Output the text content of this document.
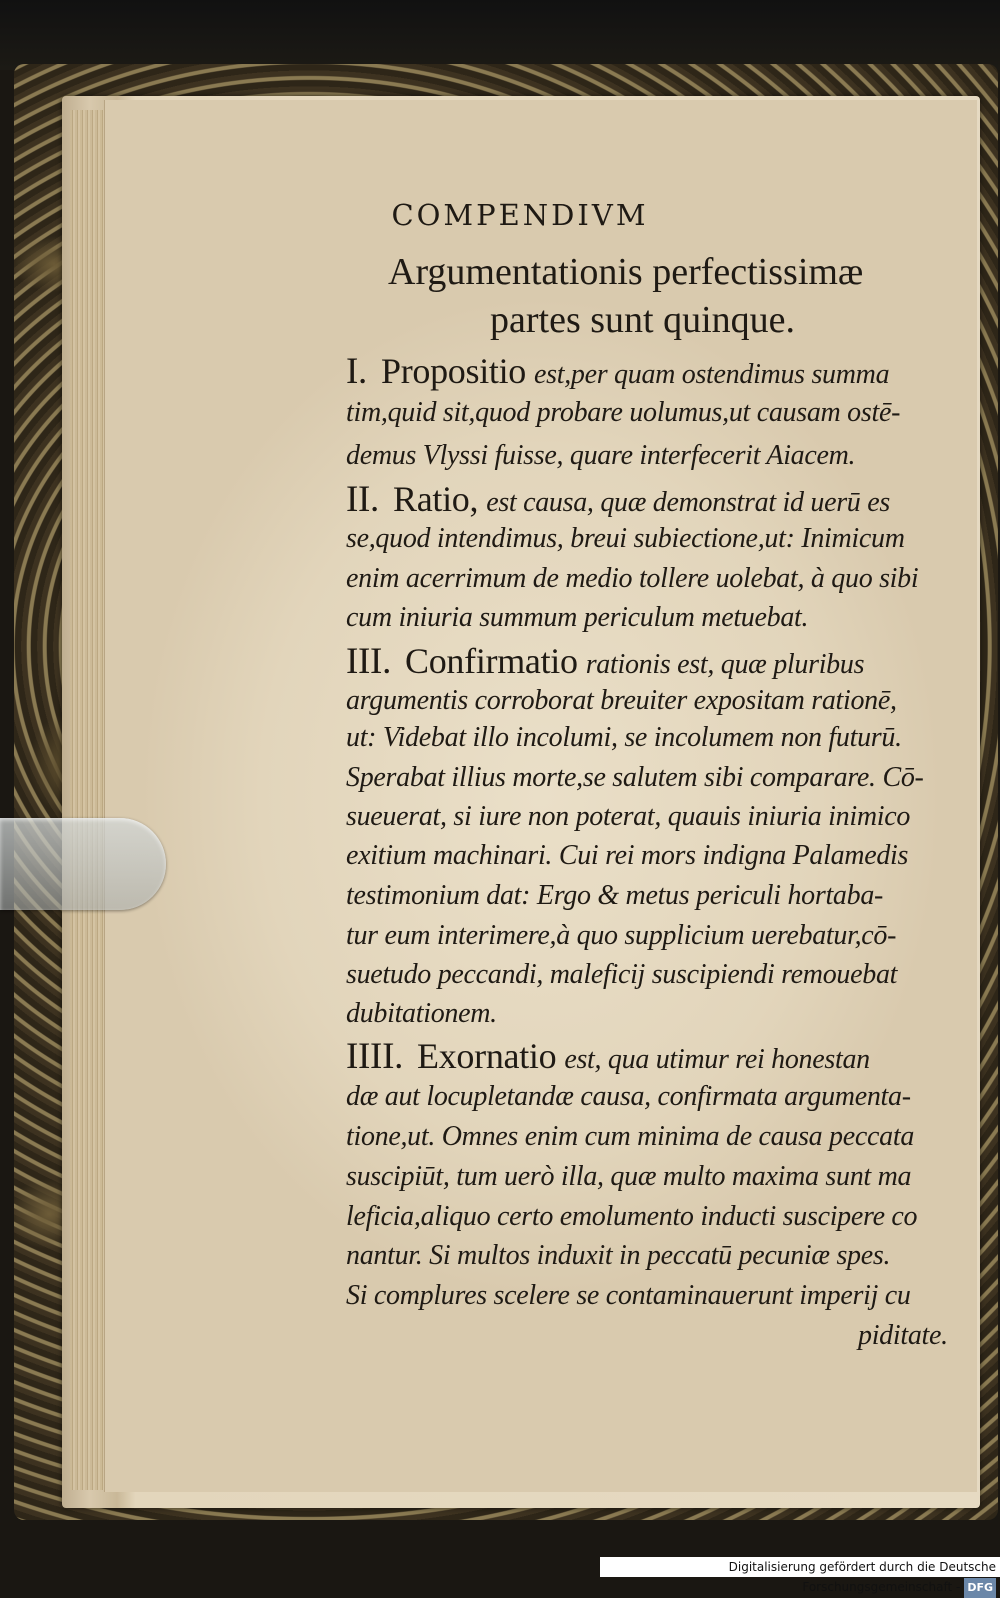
COMPENDIVM
Argumentationis perfectissimæ
partes sunt quinque.
I. Propositio est,per quam ostendimus summa
tim,quid sit,quod probare uolumus,ut causam ostē-
demus Vlyssi fuisse, quare interfecerit Aiacem.
II. Ratio, est causa, quæ demonstrat id uerū es
se,quod intendimus, breui subiectione,ut: Inimicum
enim acerrimum de medio tollere uolebat, à quo sibi
cum iniuria summum periculum metuebat.
III. Confirmatio rationis est, quæ pluribus
argumentis corroborat breuiter expositam rationē,
ut: Videbat illo incolumi, se incolumem non futurū.
Sperabat illius morte,se salutem sibi comparare. Cō-
sueuerat, si iure non poterat, quauis iniuria inimico
exitium machinari. Cui rei mors indigna Palamedis
testimonium dat: Ergo & metus periculi hortaba-
tur eum interimere,à quo supplicium uerebatur,cō-
suetudo peccandi, maleficij suscipiendi remouebat
dubitationem.
IIII. Exornatio est, qua utimur rei honestan
dæ aut locupletandæ causa, confirmata argumenta-
tione,ut. Omnes enim cum minima de causa peccata
suscipiūt, tum uerò illa, quæ multo maxima sunt ma
leficia,aliquo certo emolumento inducti suscipere co
nantur. Si multos induxit in peccatū pecuniæ spes.
Si complures scelere se contaminauerunt imperij cu
piditate.
Digitalisierung gefördert durch die Deutsche Forschungsgemeinschaft - DFG
